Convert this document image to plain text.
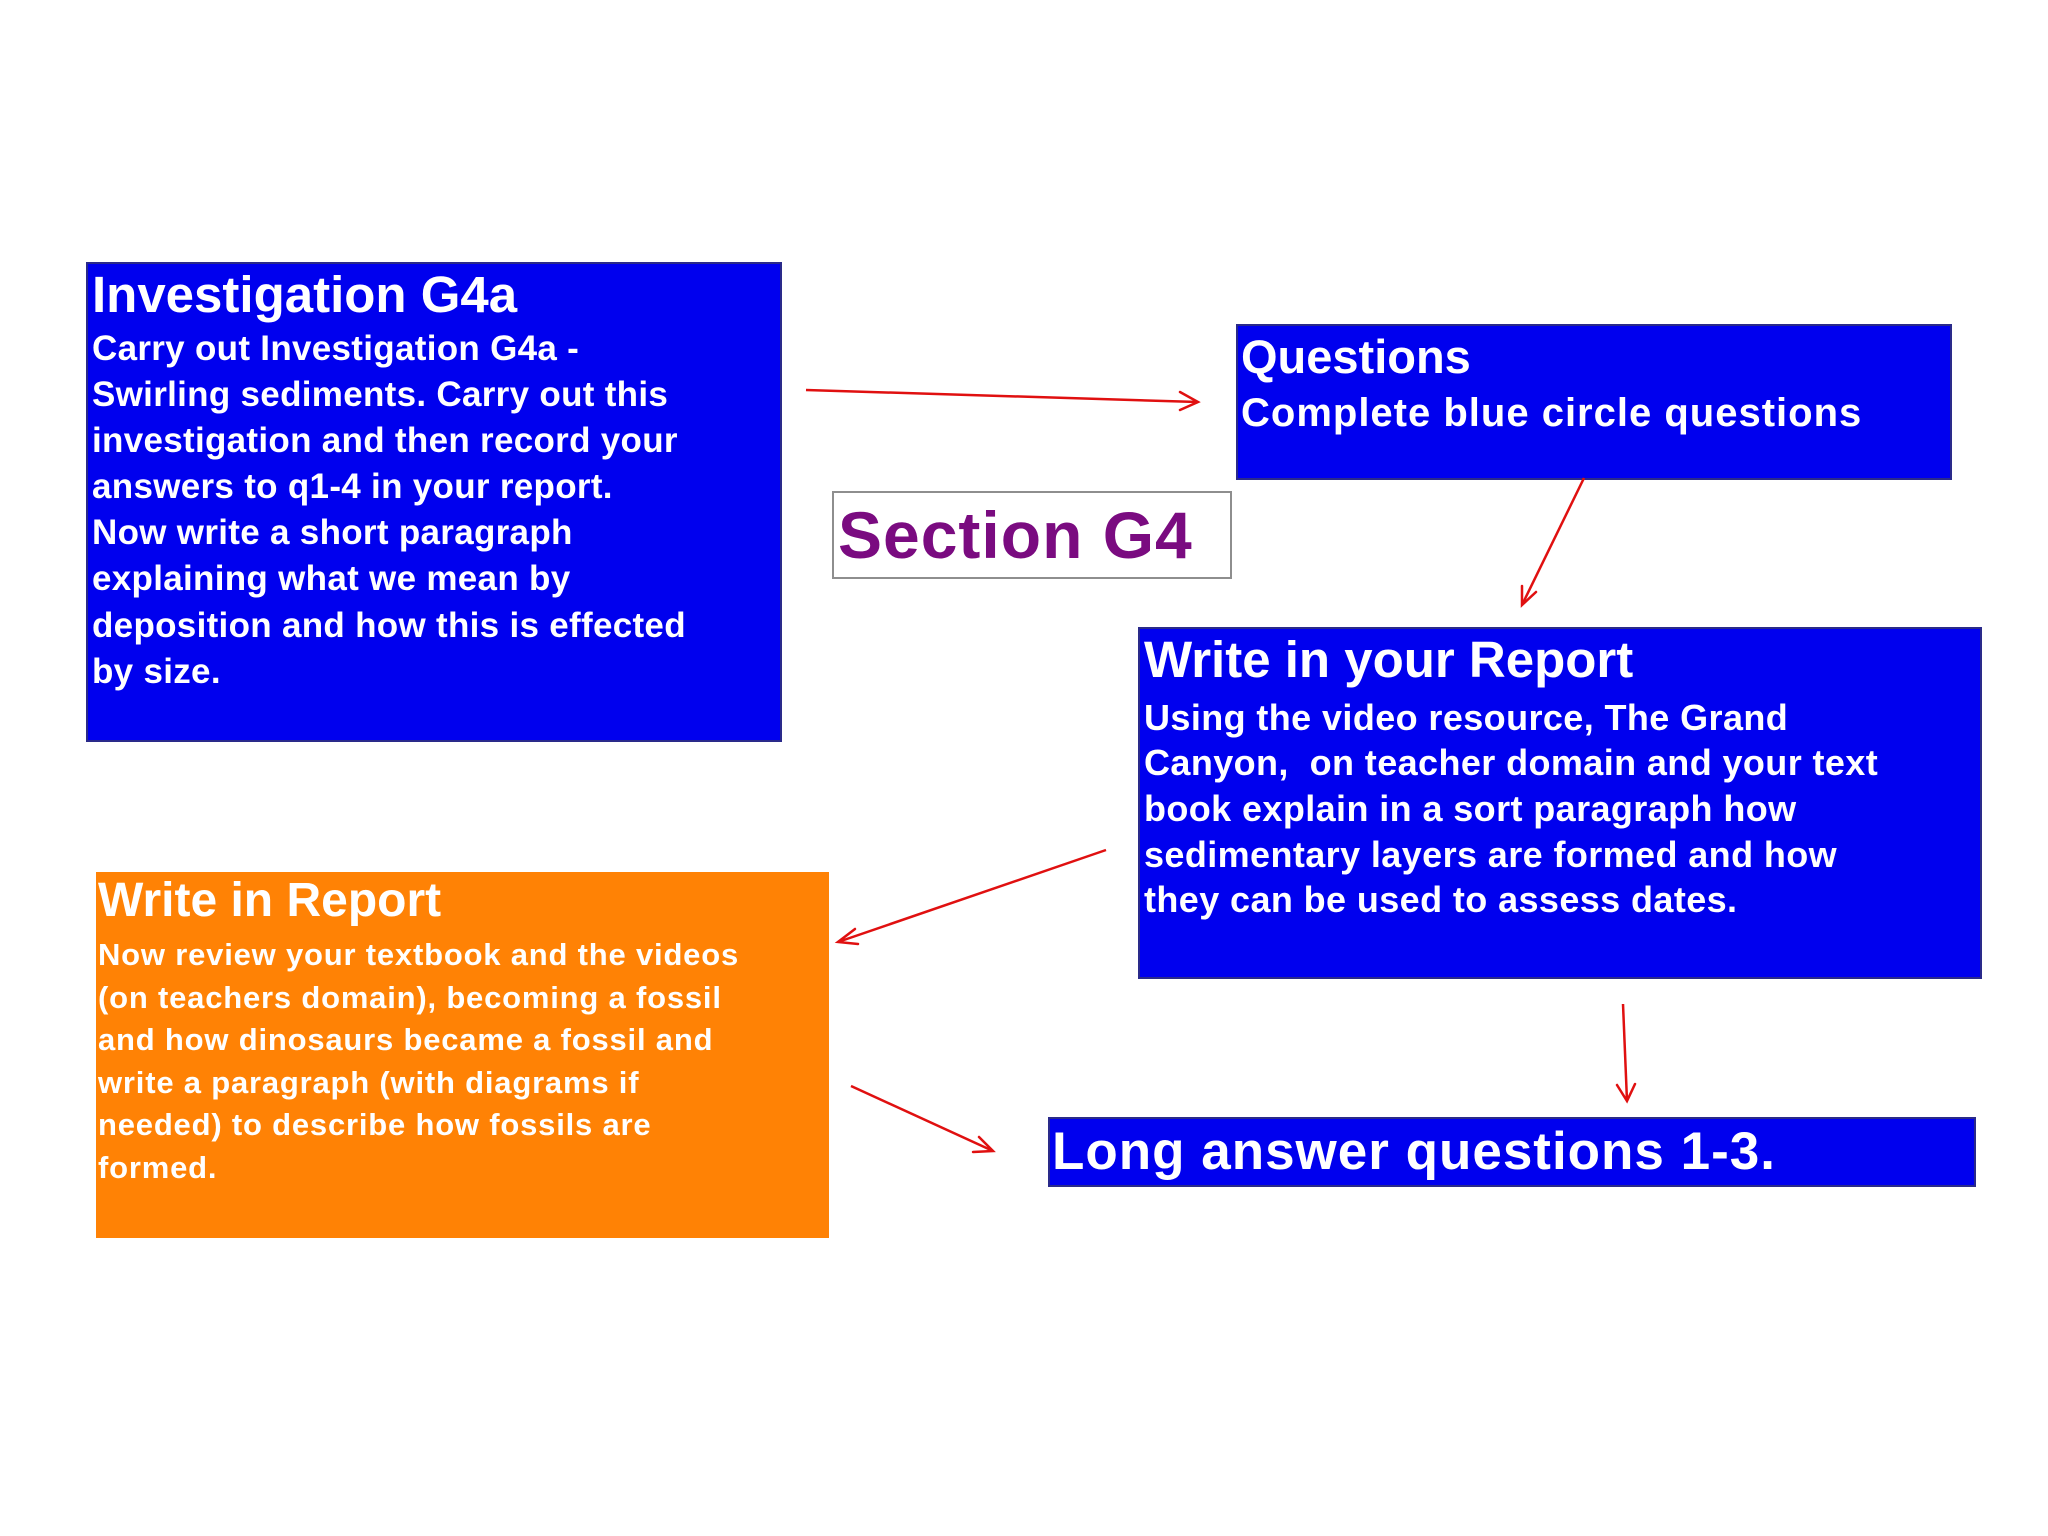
Investigation G4a
Carry out Investigation G4a -
Swirling sediments. Carry out this
investigation and then record your
answers to q1-4 in your report.
Now write a short paragraph
explaining what we mean by
deposition and how this is effected
by size.
Questions
Complete blue circle questions
Section G4
Write in your Report
Using the video resource, The Grand
Canyon,  on teacher domain and your text
book explain in a sort paragraph how
sedimentary layers are formed and how
they can be used to assess dates.
Write in Report
Now review your textbook and the videos
(on teachers domain), becoming a fossil
and how dinosaurs became a fossil and
write a paragraph (with diagrams if
needed) to describe how fossils are
formed.	Long answer questions 1-3.
